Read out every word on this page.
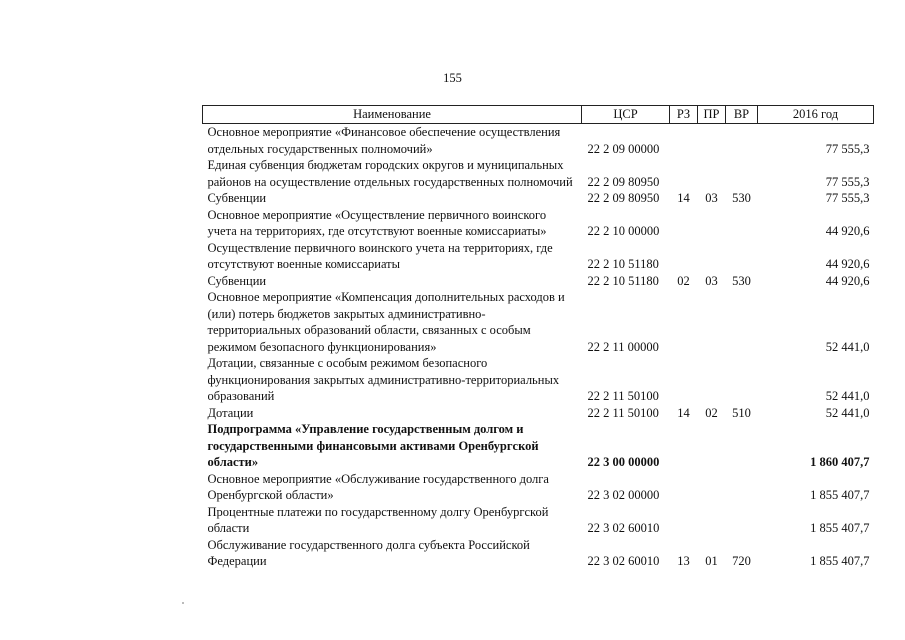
155
Наименование	ЦСР	РЗ	ПР	ВР	2016 год
Основное мероприятие «Финансовое обеспечение осуществления
отдельных государственных полномочий»	22 2 09 00000				77 555,3
Единая субвенция бюджетам городских округов и муниципальных
районов на осуществление отдельных государственных полномочий	22 2 09 80950				77 555,3
Субвенции	22 2 09 80950	14	03	530	77 555,3
Основное мероприятие «Осуществление первичного воинского
учета на территориях, где отсутствуют военные комиссариаты»	22 2 10 00000				44 920,6
Осуществление первичного воинского учета на территориях, где
отсутствуют военные комиссариаты	22 2 10 51180				44 920,6
Субвенции	22 2 10 51180	02	03	530	44 920,6
Основное мероприятие «Компенсация дополнительных расходов и
(или) потерь бюджетов закрытых административно-
территориальных образований области, связанных с особым
режимом безопасного функционирования»	22 2 11 00000				52 441,0
Дотации, связанные с особым режимом безопасного
функционирования закрытых административно-территориальных
образований	22 2 11 50100				52 441,0
Дотации	22 2 11 50100	14	02	510	52 441,0
Подпрограмма «Управление государственным долгом и
государственными финансовыми активами Оренбургской
области»	22 3 00 00000				1 860 407,7
Основное мероприятие «Обслуживание государственного долга
Оренбургской области»	22 3 02 00000				1 855 407,7
Процентные платежи по государственному долгу Оренбургской
области	22 3 02 60010				1 855 407,7
Обслуживание государственного долга субъекта Российской
Федерации	22 3 02 60010	13	01	720	1 855 407,7
